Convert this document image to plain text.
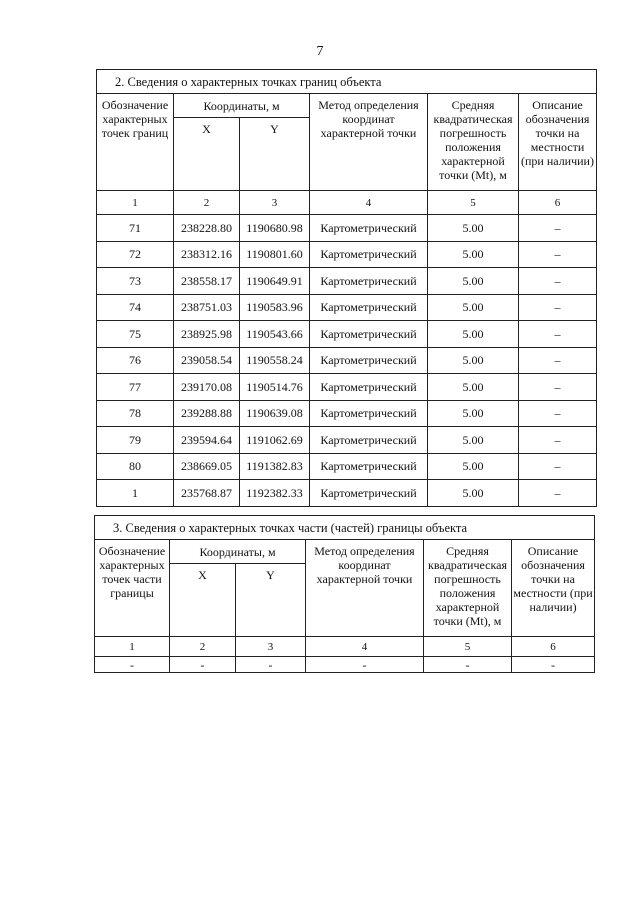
7
2. Сведения о характерных точках границ объекта					
Обозначение характерных точек границ	Координаты, м		Метод определения координат характерной точки	Средняя квадратическая погрешность положения характерной точки (Mt), м	Описание обозначения точки на местности (при наличии)
	X	Y			
1	2	3	4	5	6
71	238228.80	1190680.98	Картометрический	5.00	–
72	238312.16	1190801.60	Картометрический	5.00	–
73	238558.17	1190649.91	Картометрический	5.00	–
74	238751.03	1190583.96	Картометрический	5.00	–
75	238925.98	1190543.66	Картометрический	5.00	–
76	239058.54	1190558.24	Картометрический	5.00	–
77	239170.08	1190514.76	Картометрический	5.00	–
78	239288.88	1190639.08	Картометрический	5.00	–
79	239594.64	1191062.69	Картометрический	5.00	–
80	238669.05	1191382.83	Картометрический	5.00	–
1	235768.87	1192382.33	Картометрический	5.00	–
3. Сведения о характерных точках части (частей) границы объекта					
Обозначение характерных точек части границы	Координаты, м		Метод определения координат характерной точки	Средняя квадратическая погрешность положения характерной точки (Mt), м	Описание обозначения точки на местности (при наличии)
	X	Y			
1	2	3	4	5	6
-	-	-	-	-	-
